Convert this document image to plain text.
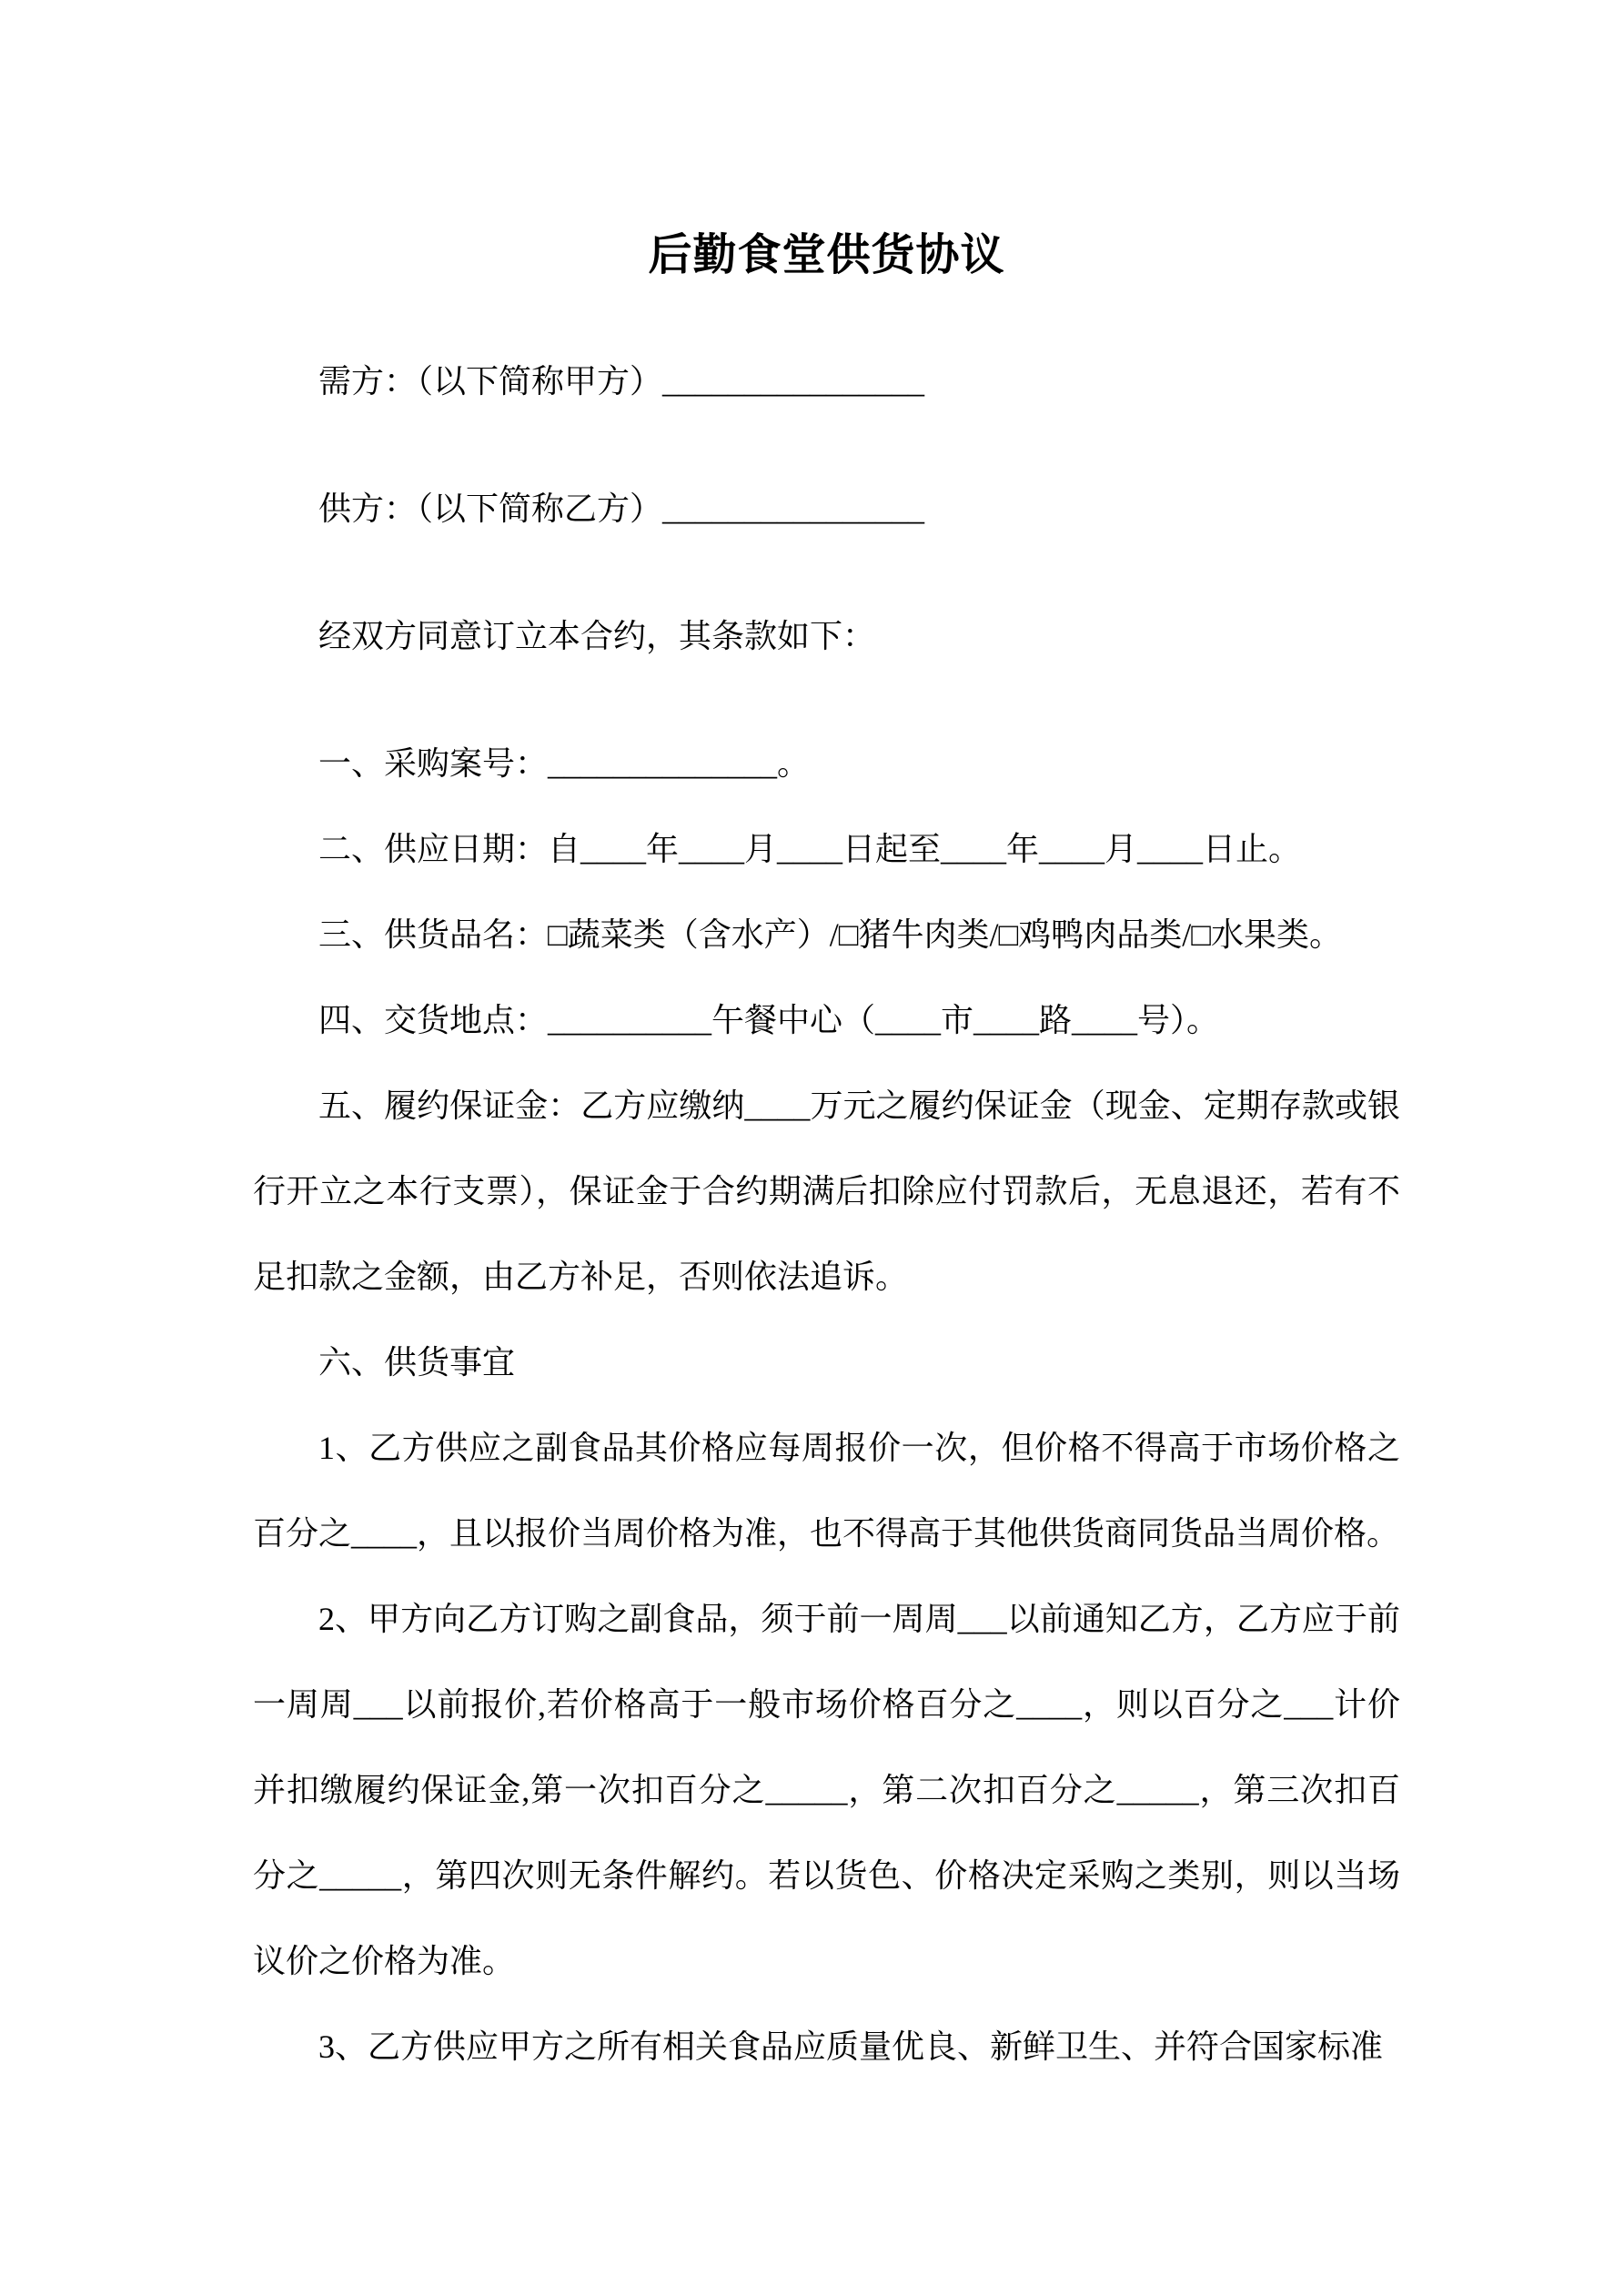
后勤食堂供货协议

需方：（以下简称甲方）________________

供方：（以下简称乙方）________________

经双方同意订立本合约，其条款如下：

一、采购案号：______________。

二、供应日期：自____年____月____日起至____年____月____日止。

三、供货品名：□蔬菜类（含水产）/□猪牛肉类/□鸡鸭肉品类/□水果类。

四、交货地点：__________午餐中心（____市____路____号）。

五、履约保证金：乙方应缴纳____万元之履约保证金（现金、定期存款或银行开立之本行支票），保证金于合约期满后扣除应付罚款后，无息退还，若有不足扣款之金额，由乙方补足，否则依法追诉。

六、供货事宜

1、乙方供应之副食品其价格应每周报价一次，但价格不得高于市场价格之百分之____，且以报价当周价格为准，也不得高于其他供货商同货品当周价格。

2、甲方向乙方订购之副食品，须于前一周周___以前通知乙方，乙方应于前一周周___以前报价,若价格高于一般市场价格百分之____，则以百分之___计价并扣缴履约保证金,第一次扣百分之_____，第二次扣百分之_____，第三次扣百分之_____，第四次则无条件解约。若以货色、价格决定采购之类别，则以当场议价之价格为准。

3、乙方供应甲方之所有相关食品应质量优良、新鲜卫生、并符合国家标准
